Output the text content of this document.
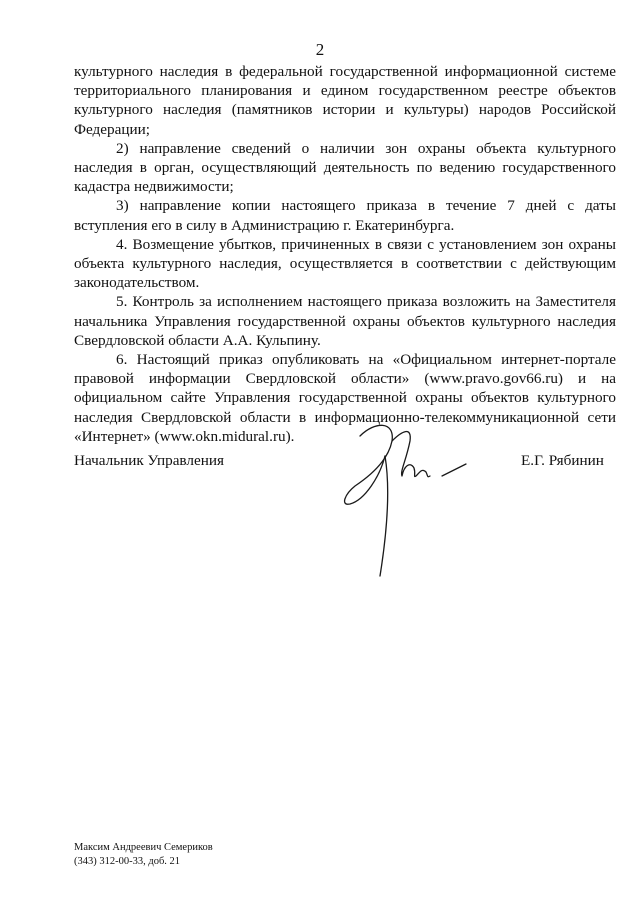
2

культурного наследия в федеральной государственной информационной системе территориального планирования и едином государственном реестре объектов культурного наследия (памятников истории и культуры) народов Российской Федерации;

2) направление сведений о наличии зон охраны объекта культурного наследия в орган, осуществляющий деятельность по ведению государственного кадастра недвижимости;

3) направление копии настоящего приказа в течение 7 дней с даты вступления его в силу в Администрацию г. Екатеринбурга.

4. Возмещение убытков, причиненных в связи с установлением зон охраны объекта культурного наследия, осуществляется в соответствии с действующим законодательством.

5. Контроль за исполнением настоящего приказа возложить на Заместителя начальника Управления государственной охраны объектов культурного наследия Свердловской области А.А. Кульпину.

6. Настоящий приказ опубликовать на «Официальном интернет-портале правовой информации Свердловской области» (www.pravo.gov66.ru) и на официальном сайте Управления государственной охраны объектов культурного наследия Свердловской области в информационно-телекоммуникационной сети «Интернет» (www.okn.midural.ru).

Начальник Управления	Е.Г. Рябинин
Максим Андреевич Семериков
(343) 312-00-33, доб. 21
